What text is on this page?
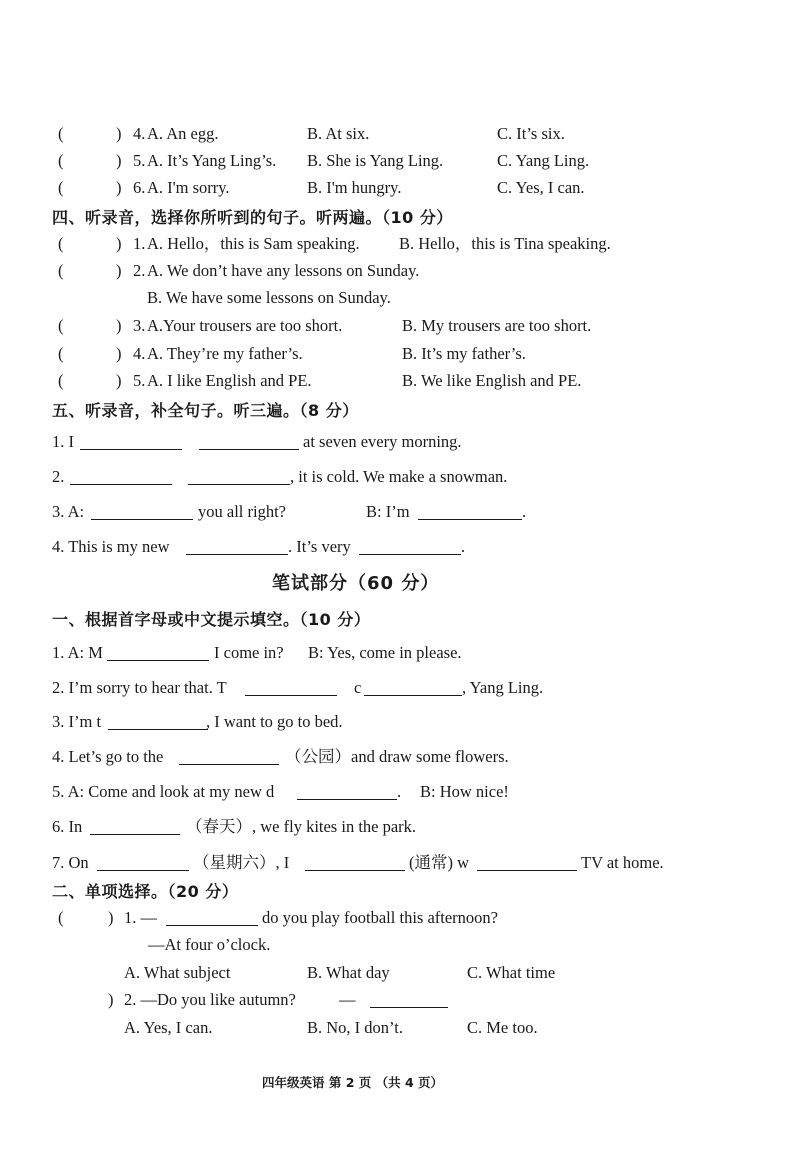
(	) 4. A. An egg.	B. At six.	C. It’s six.
(	) 5. A. It’s Yang Ling’s. B. She is Yang Ling.	C. Yang Ling.
(	) 6. A. I'm sorry.	B. I'm hungry.	C. Yes, I can.
四、听录音，选择你所听到的句子。听两遍。（10 分）
(	) 1. A. Hello，this is Sam speaking. B. Hello，this is Tina speaking.
(	) 2. A. We don’t have any lessons on Sunday.
B. We have some lessons on Sunday.
(	) 3. A.Your trousers are too short.	B. My trousers are too short.
(	) 4. A. They’re my father’s.	B. It’s my father’s.
(	) 5. A. I like English and PE.	B. We like English and PE.
五、听录音，补全句子。听三遍。（8 分）
1. I	at seven every morning.
2.	, it is cold. We make a snowman.
3. A:	you all right?	B: I’m	.
4. This is my new	. It’s very	.
笔试部分（60 分）
一、根据首字母或中文提示填空。（10 分）
1. A: M	I come in? B: Yes, come in please.
2. I’m sorry to hear that. T	c	, Yang Ling.
3. I’m t	, I want to go to bed.
4. Let’s go to the	（公园）and draw some flowers.
5. A: Come and look at my new d	. B: How nice!
6. In	（春天）, we fly kites in the park.
7. On	（星期六）, I	(通常) w	TV at home.
二、单项选择。（20 分）
(	) 1. —	do you play football this afternoon?
—At four o’clock.
A. What subject	B. What day	C. What time
) 2. —Do you like autumn?	—
A. Yes, I can.	B. No, I don’t.	C. Me too.
四年级英语 第 2 页 （共 4 页）
